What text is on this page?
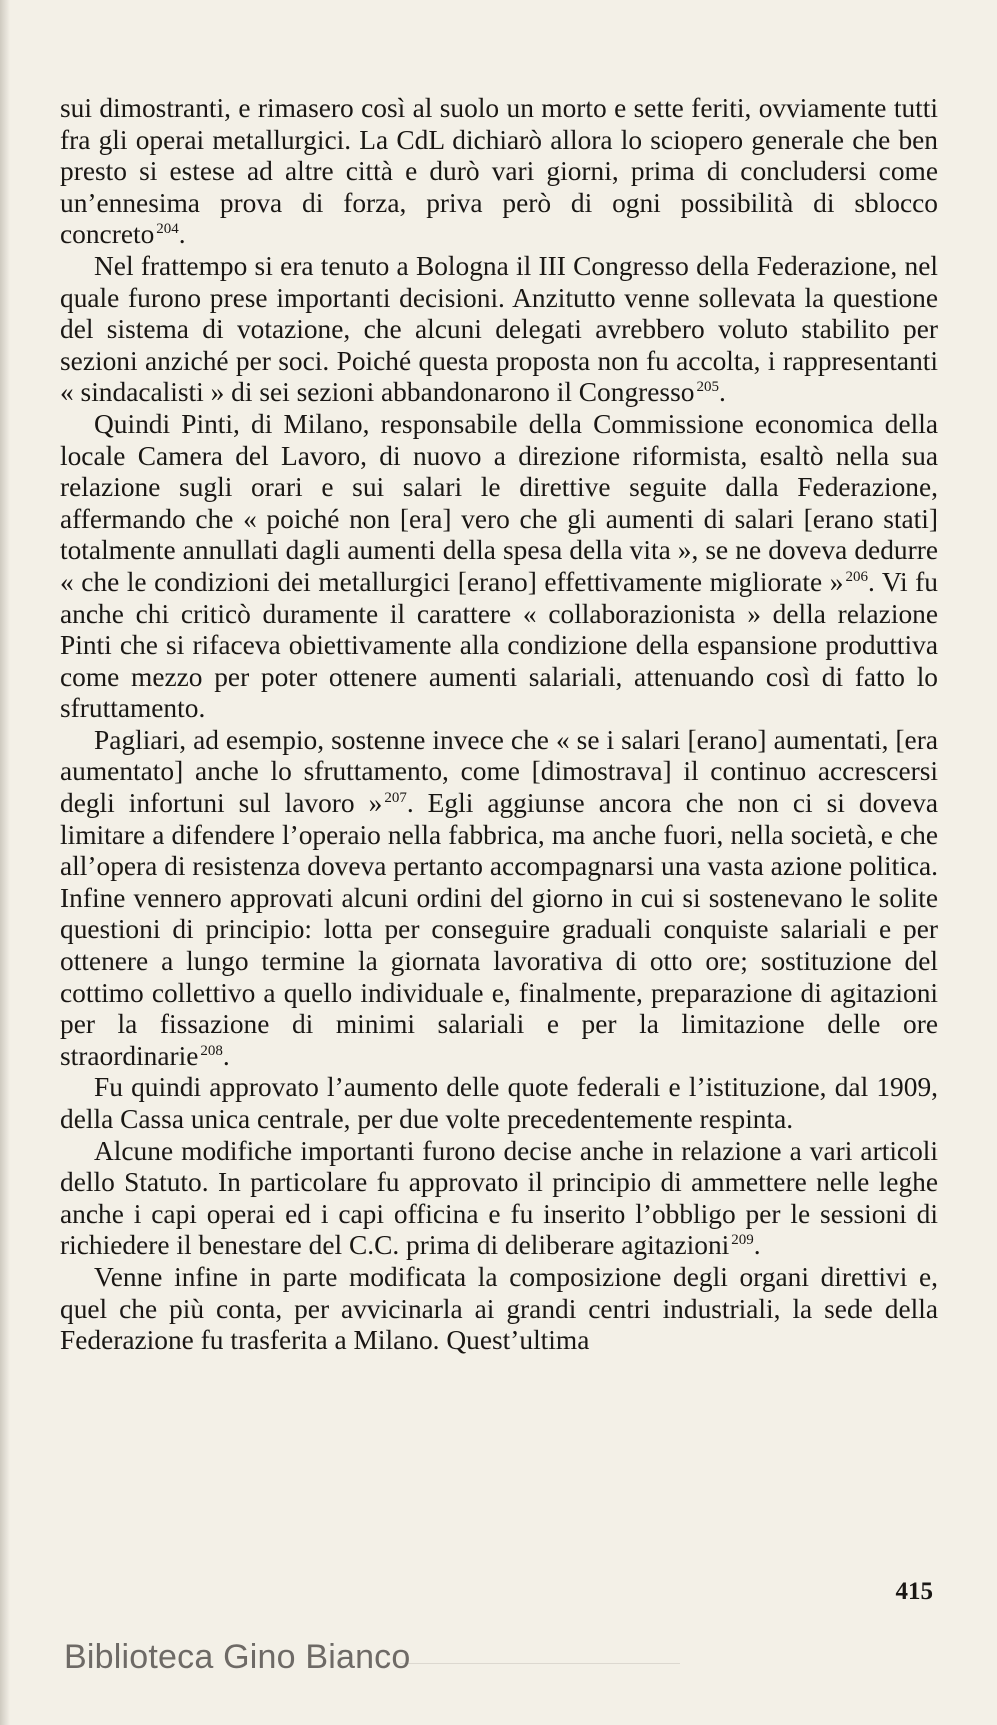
sui dimostranti, e rimasero così al suolo un morto e sette feriti, ovviamente tutti fra gli operai metallurgici. La CdL dichiarò allora lo sciopero generale che ben presto si estese ad altre città e durò vari giorni, prima di concludersi come un’ennesima prova di forza, priva però di ogni possibilità di sblocco concreto $^{204}$.

Nel frattempo si era tenuto a Bologna il III Congresso della Federazione, nel quale furono prese importanti decisioni. Anzitutto venne sollevata la questione del sistema di votazione, che alcuni delegati avrebbero voluto stabilito per sezioni anziché per soci. Poiché questa proposta non fu accolta, i rappresentanti « sindacalisti » di sei sezioni abbandonarono il Congresso $^{205}$.

Quindi Pinti, di Milano, responsabile della Commissione economica della locale Camera del Lavoro, di nuovo a direzione riformista, esaltò nella sua relazione sugli orari e sui salari le direttive seguite dalla Federazione, affermando che « poiché non [era] vero che gli aumenti di salari [erano stati] totalmente annullati dagli aumenti della spesa della vita », se ne doveva dedurre « che le condizioni dei metallurgici [erano] effettivamente migliorate » $^{206}$. Vi fu anche chi criticò duramente il carattere « collaborazionista » della relazione Pinti che si rifaceva obiettivamente alla condizione della espansione produttiva come mezzo per poter ottenere aumenti salariali, attenuando così di fatto lo sfruttamento.

Pagliari, ad esempio, sostenne invece che « se i salari [erano] aumentati, [era aumentato] anche lo sfruttamento, come [dimostrava] il continuo accrescersi degli infortuni sul lavoro » $^{207}$. Egli aggiunse ancora che non ci si doveva limitare a difendere l’operaio nella fabbrica, ma anche fuori, nella società, e che all’opera di resistenza doveva pertanto accompagnarsi una vasta azione politica. Infine vennero approvati alcuni ordini del giorno in cui si sostenevano le solite questioni di principio: lotta per conseguire graduali conquiste salariali e per ottenere a lungo termine la giornata lavorativa di otto ore; sostituzione del cottimo collettivo a quello individuale e, finalmente, preparazione di agitazioni per la fissazione di minimi salariali e per la limitazione delle ore straordinarie $^{208}$.

Fu quindi approvato l’aumento delle quote federali e l’istituzione, dal 1909, della Cassa unica centrale, per due volte precedentemente respinta.

Alcune modifiche importanti furono decise anche in relazione a vari articoli dello Statuto. In particolare fu approvato il principio di ammettere nelle leghe anche i capi operai ed i capi officina e fu inserito l’obbligo per le sessioni di richiedere il benestare del C.C. prima di deliberare agitazioni $^{209}$.

Venne infine in parte modificata la composizione degli organi direttivi e, quel che più conta, per avvicinarla ai grandi centri industriali, la sede della Federazione fu trasferita a Milano. Quest’ultima

415
Biblioteca Gino Bianco
